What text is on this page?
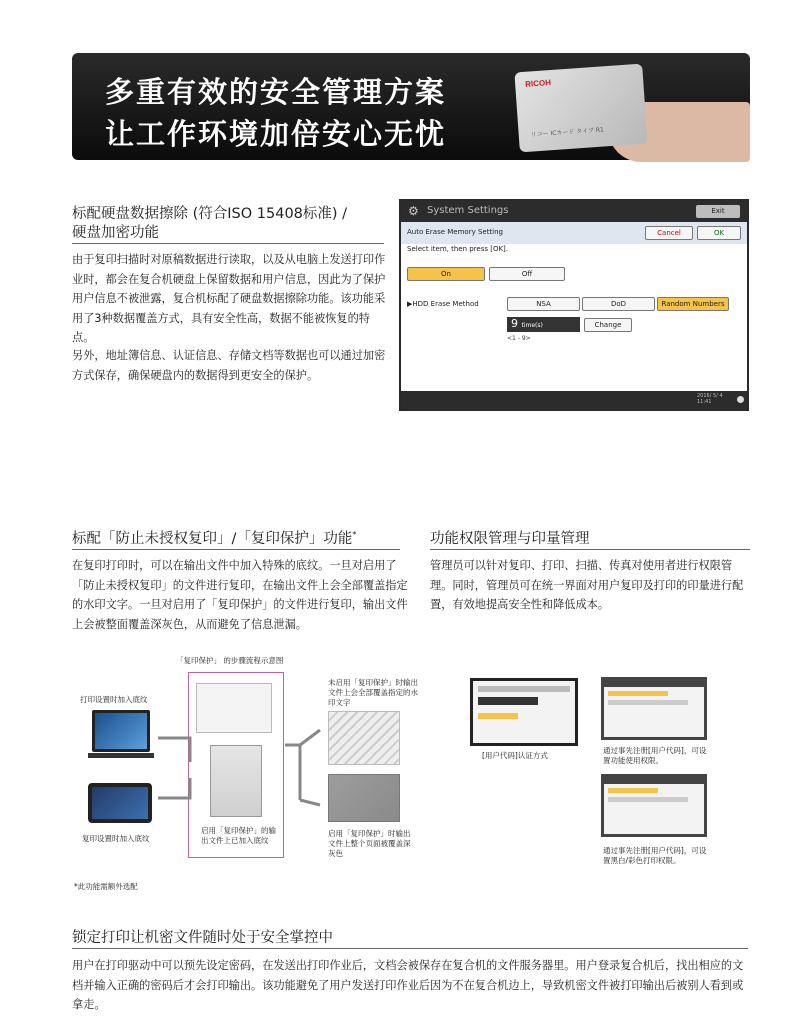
多重有效的安全管理方案
让工作环境加倍安心无忧
RICOH
リコー ICカード タイプ R1
标配硬盘数据擦除 (符合ISO 15408标准) /
硬盘加密功能
由于复印扫描时对原稿数据进行读取，以及从电脑上发送打印作业时，都会在复合机硬盘上保留数据和用户信息，因此为了保护用户信息不被泄露，复合机标配了硬盘数据擦除功能。该功能采用了3种数据覆盖方式，具有安全性高，数据不能被恢复的特点。
另外，地址簿信息、认证信息、存储文档等数据也可以通过加密方式保存，确保硬盘内的数据得到更安全的保护。
⚙ System Settings	Exit
Auto Erase Memory Setting	Cancel	OK
Select item, then press [OK].
On	Off
▶HDD Erase Method	NSA	DoD	Random Numbers
9 time(s)	Change
<1 - 9>
2016/ 5/ 4
11:41
标配「防止未授权复印」/「复印保护」功能*
在复印打印时，可以在输出文件中加入特殊的底纹。一旦对启用了「防止未授权复印」的文件进行复印，在输出文件上会全部覆盖指定的水印文字。一旦对启用了「复印保护」的文件进行复印，输出文件上会被整面覆盖深灰色，从而避免了信息泄漏。
功能权限管理与印量管理
管理员可以针对复印、打印、扫描、传真对使用者进行权限管理。同时，管理员可在统一界面对用户复印及打印的印量进行配置，有效地提高安全性和降低成本。
「复印保护」 的步骤流程示意图
打印设置时加入底纹
复印设置时加入底纹
启用「复印保护」的输出文件上已加入底纹
未启用「复印保护」时输出文件上会全部覆盖指定的水印文字
启用「复印保护」时输出文件上整个页面被覆盖深灰色
*此功能需额外选配
[用户代码]认证方式
通过事先注册[用户代码]，可设置功能使用权限。
通过事先注册[用户代码]，可设置黑白/彩色打印权限。
锁定打印让机密文件随时处于安全掌控中
用户在打印驱动中可以预先设定密码，在发送出打印作业后，文档会被保存在复合机的文件服务器里。用户登录复合机后，找出相应的文档并输入正确的密码后才会打印输出。该功能避免了用户发送打印作业后因为不在复合机边上，导致机密文件被打印输出后被别人看到或拿走。
